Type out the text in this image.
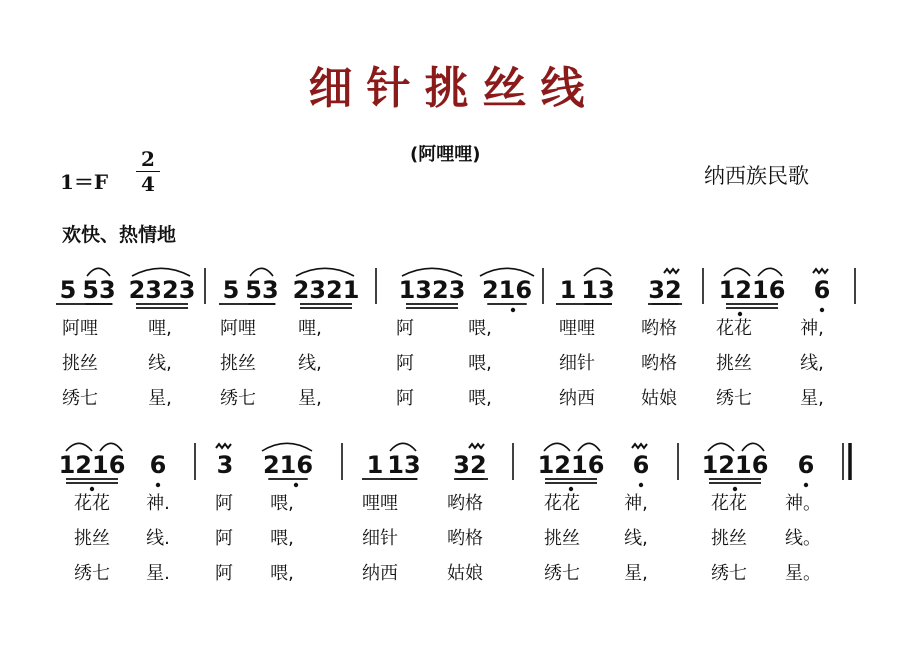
细针挑丝线
(阿哩哩)
纳西族民歌
1＝F
2
4
欢快、热情地
5 53 2323 5 53 2321 1323 216 1 13 32 1216 6
阿哩	哩,	阿哩 哩,	阿	喂,	哩哩	哟格 花花	神,
挑丝	线,	挑丝 线,	阿	喂,	细针	哟格 挑丝	线,
绣七	星,	绣七 星,	阿	喂,	纳西	姑娘 绣七	星,
1216 6 3 216 1 13 32 1216 6 1216 6
花花 神.	阿 喂,	哩哩	哟格	花花 神,	花花 神。
挑丝 线.	阿 喂,	细针	哟格	挑丝 线,	挑丝 线。
绣七 星.	阿 喂,	纳西	姑娘	绣七 星,	绣七 星。
